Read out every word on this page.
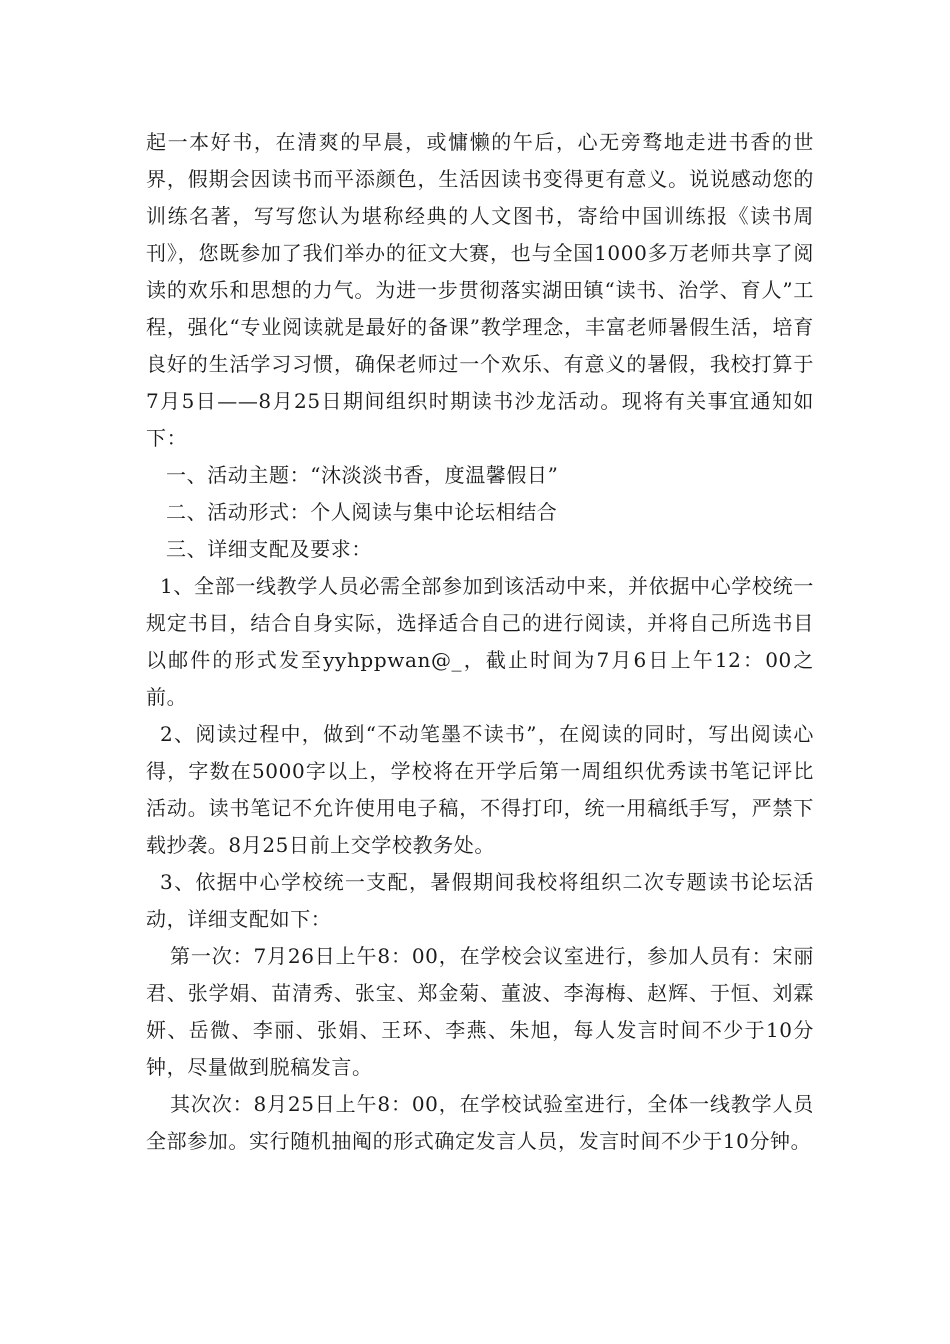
起一本好书，在清爽的早晨，或慵懒的午后，心无旁骛地走进书香的世界，假期会因读书而平添颜色，生活因读书变得更有意义。说说感动您的训练名著，写写您认为堪称经典的人文图书，寄给中国训练报《读书周刊》，您既参加了我们举办的征文大赛，也与全国1000多万老师共享了阅读的欢乐和思想的力气。为进一步贯彻落实湖田镇“读书、治学、育人”工程，强化“专业阅读就是最好的备课”教学理念，丰富老师暑假生活，培育良好的生活学习习惯，确保老师过一个欢乐、有意义的暑假，我校打算于7月5日——8月25日期间组织时期读书沙龙活动。现将有关事宜通知如下：

一、活动主题：“沐淡淡书香，度温馨假日”

二、活动形式：个人阅读与集中论坛相结合

三、详细支配及要求：

1、全部一线教学人员必需全部参加到该活动中来，并依据中心学校统一规定书目，结合自身实际，选择适合自己的进行阅读，并将自己所选书目以邮件的形式发至yyhppwan@_，截止时间为7月6日上午12：00之前。

2、阅读过程中，做到“不动笔墨不读书”，在阅读的同时，写出阅读心得，字数在5000字以上，学校将在开学后第一周组织优秀读书笔记评比活动。读书笔记不允许使用电子稿，不得打印，统一用稿纸手写，严禁下载抄袭。8月25日前上交学校教务处。

3、依据中心学校统一支配，暑假期间我校将组织二次专题读书论坛活动，详细支配如下：

第一次：7月26日上午8：00，在学校会议室进行，参加人员有：宋丽君、张学娟、苗清秀、张宝、郑金菊、董波、李海梅、赵辉、于恒、刘霖妍、岳微、李丽、张娟、王环、李燕、朱旭，每人发言时间不少于10分钟，尽量做到脱稿发言。

其次次：8月25日上午8：00，在学校试验室进行，全体一线教学人员全部参加。实行随机抽阄的形式确定发言人员，发言时间不少于10分钟。
